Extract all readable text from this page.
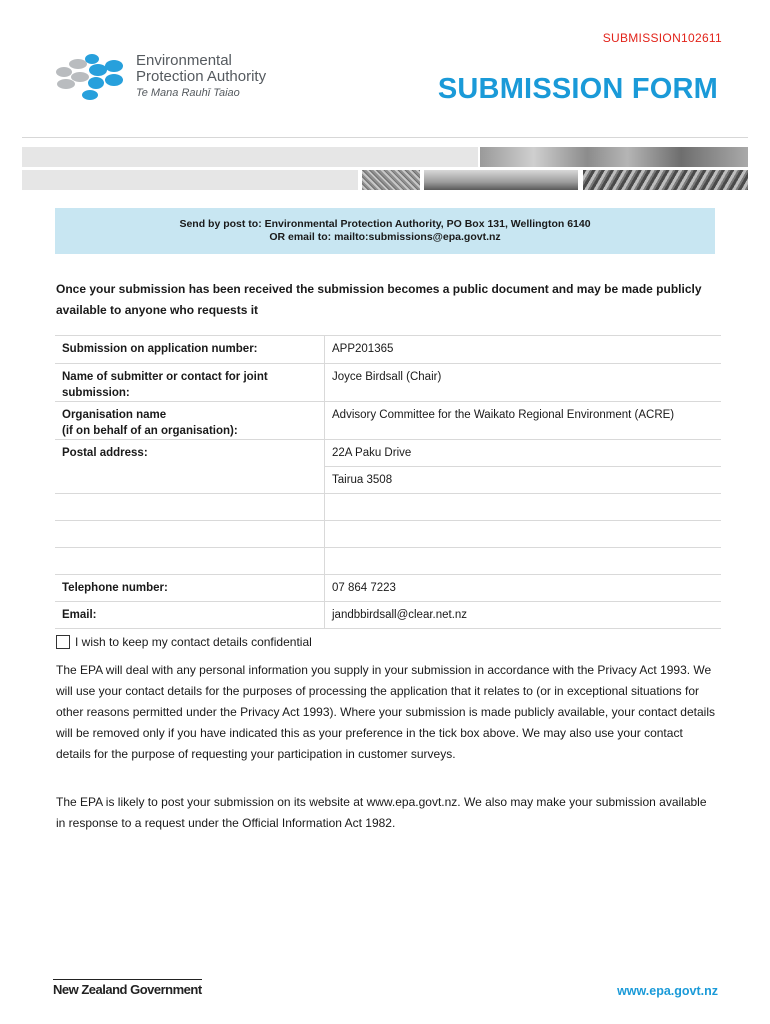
SUBMISSION102611
Environmental
Protection Authority
Te Mana Rauhī Taiao	SUBMISSION FORM
Send by post to: Environmental Protection Authority, PO Box 131, Wellington 6140
OR email to: mailto:submissions@epa.govt.nz
Once your submission has been received the submission becomes a public document and may be made publicly available to anyone who requests it
Submission on application number:	APP201365
Name of submitter or contact for joint submission:	Joyce Birdsall (Chair)
Organisation name
(if on behalf of an organisation):	Advisory Committee for the Waikato Regional Environment (ACRE)
Postal address:	22A Paku Drive
	Tairua 3508

Telephone number:	07 864 7223
Email:	jandbbirdsall@clear.net.nz
I wish to keep my contact details confidential
The EPA will deal with any personal information you supply in your submission in accordance with the Privacy Act 1993. We will use your contact details for the purposes of processing the application that it relates to (or in exceptional situations for other reasons permitted under the Privacy Act 1993). Where your submission is made publicly available, your contact details will be removed only if you have indicated this as your preference in the tick box above. We may also use your contact details for the purpose of requesting your participation in customer surveys.
The EPA is likely to post your submission on its website at www.epa.govt.nz. We also may make your submission available in response to a request under the Official Information Act 1982.
New Zealand Government	www.epa.govt.nz
